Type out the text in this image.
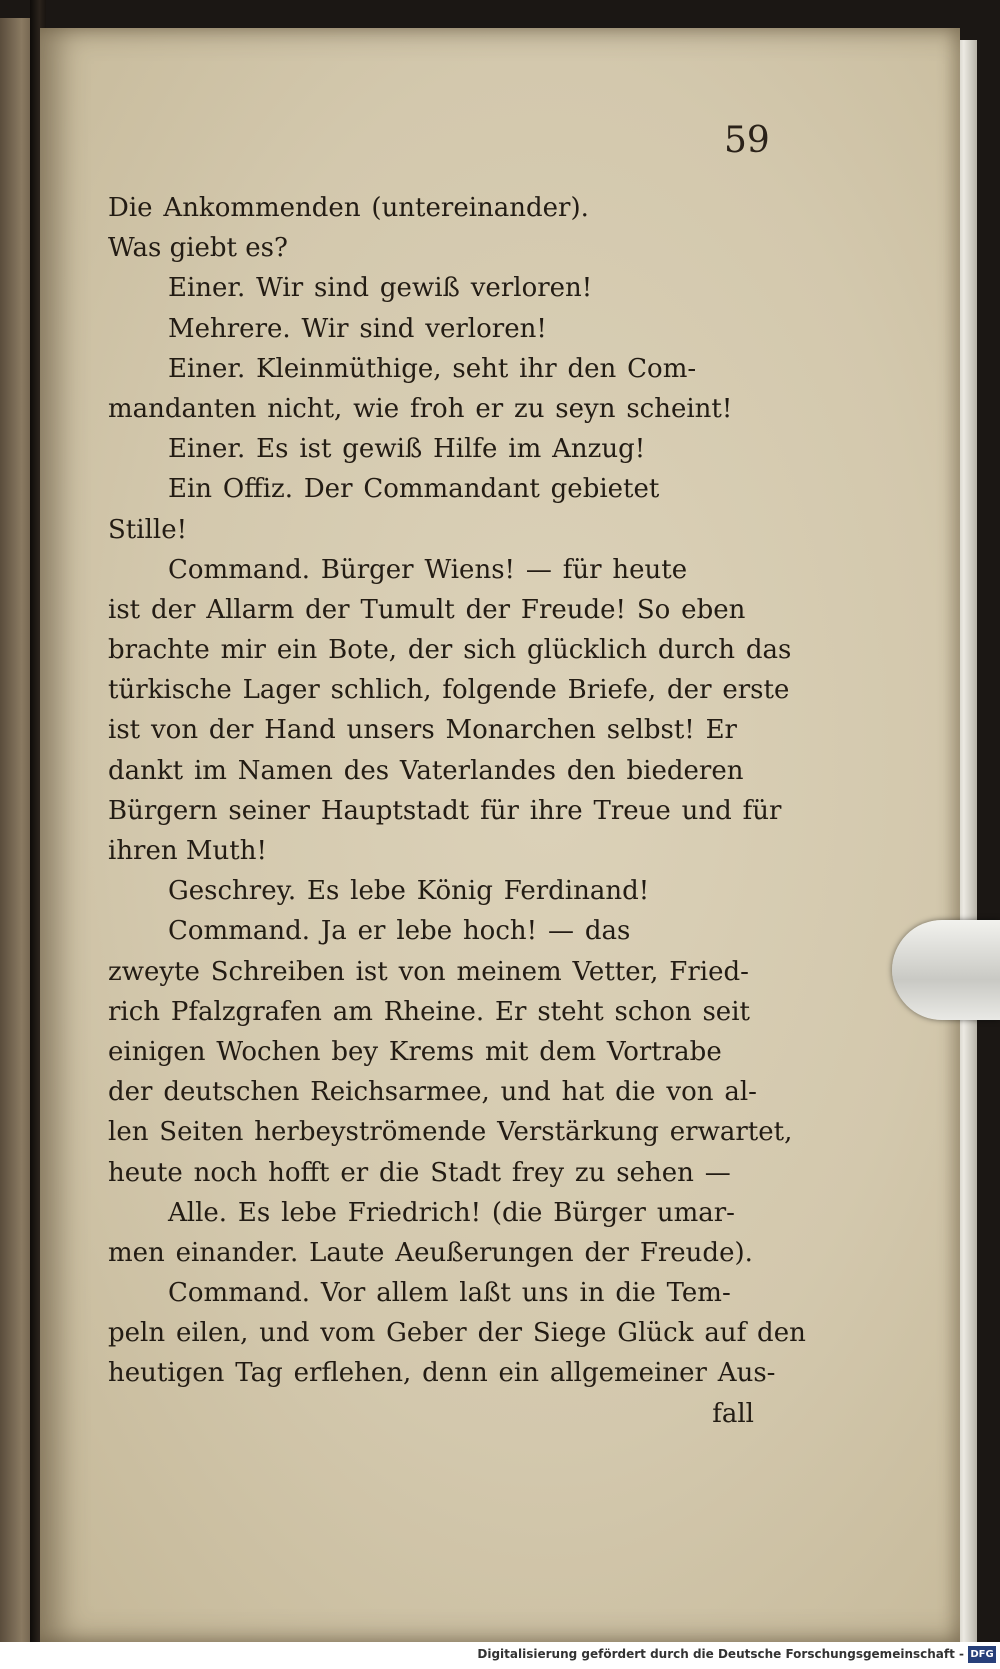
59
Die Ankommenden (untereinander).
Was giebt es?
Einer. Wir sind gewiß verloren!
Mehrere. Wir sind verloren!
Einer. Kleinmüthige, seht ihr den Com-
mandanten nicht, wie froh er zu seyn scheint!
Einer. Es ist gewiß Hilfe im Anzug!
Ein Offiz. Der Commandant gebietet
Stille!
Command. Bürger Wiens! — für heute
ist der Allarm der Tumult der Freude! So eben
brachte mir ein Bote, der sich glücklich durch das
türkische Lager schlich, folgende Briefe, der erste
ist von der Hand unsers Monarchen selbst! Er
dankt im Namen des Vaterlandes den biederen
Bürgern seiner Hauptstadt für ihre Treue und für
ihren Muth!
Geschrey. Es lebe König Ferdinand!
Command. Ja er lebe hoch! — das
zweyte Schreiben ist von meinem Vetter, Fried-
rich Pfalzgrafen am Rheine. Er steht schon seit
einigen Wochen bey Krems mit dem Vortrabe
der deutschen Reichsarmee, und hat die von al-
len Seiten herbeyströmende Verstärkung erwartet,
heute noch hofft er die Stadt frey zu sehen —
Alle. Es lebe Friedrich! (die Bürger umar-
men einander. Laute Aeußerungen der Freude).
Command. Vor allem laßt uns in die Tem-
peln eilen, und vom Geber der Siege Glück auf den
heutigen Tag erflehen, denn ein allgemeiner Aus-
fall
Digitalisierung gefördert durch die Deutsche Forschungsgemeinschaft - DFG
